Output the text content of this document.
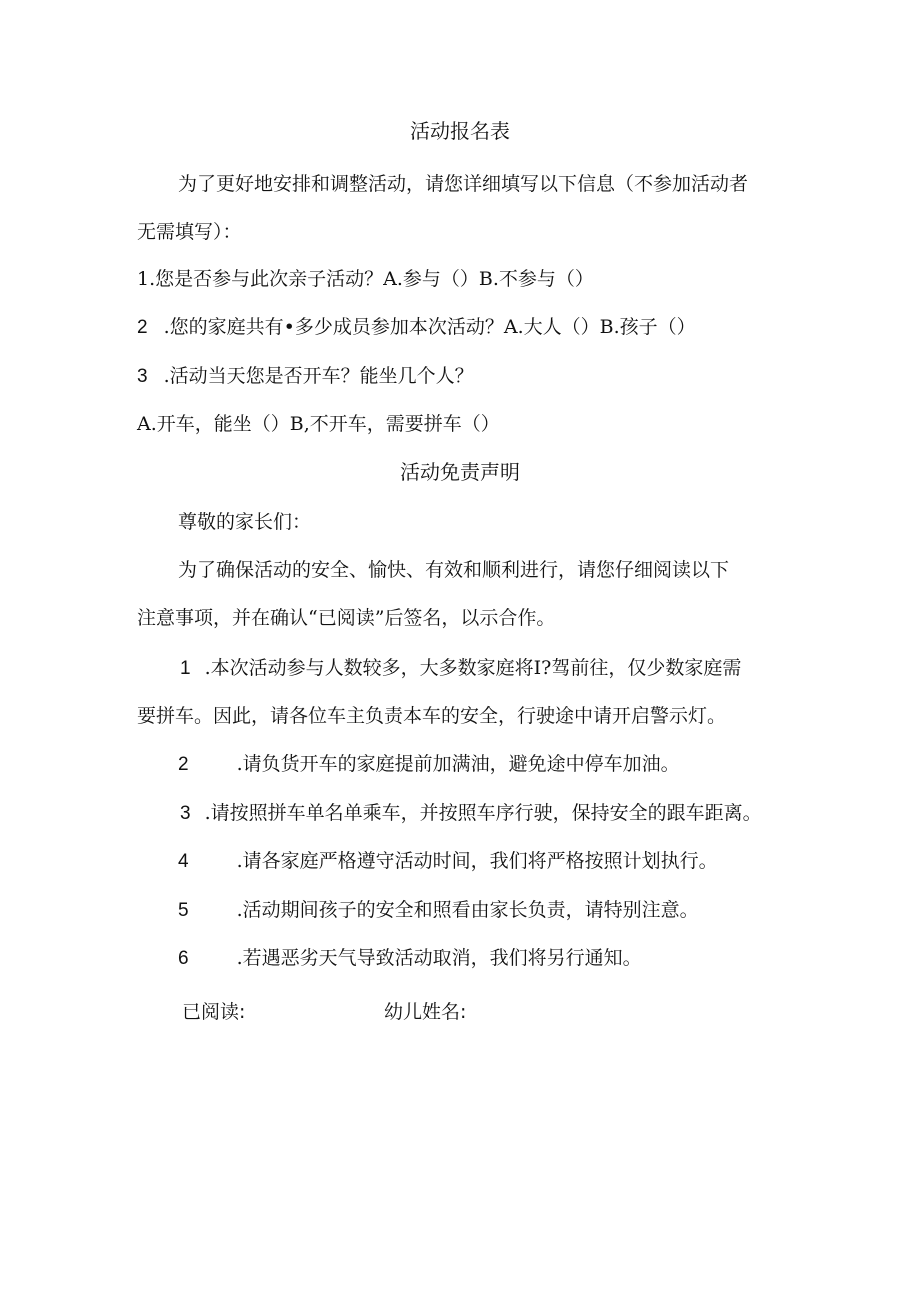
活动报名表
为了更好地安排和调整活动，请您详细填写以下信息（不参加活动者
无需填写）：
1.您是否参与此次亲子活动？A.参与（）B.不参与（）
2 .您的家庭共有•多少成员参加本次活动？A.大人（）B.孩子（）
3 .活动当天您是否开车？能坐几个人？
A.开车，能坐（）B,不开车，需要拼车（）
活动免责声明
尊敬的家长们：
为了确保活动的安全、愉快、有效和顺利进行，请您仔细阅读以下
注意事项，并在确认“已阅读”后签名，以示合作。
1 .本次活动参与人数较多，大多数家庭将I?驾前往，仅少数家庭需
要拼车。因此，请各位车主负责本车的安全，行驶途中请开启警示灯。
2	.请负货开车的家庭提前加满油，避免途中停车加油。
3 .请按照拼车单名单乘车，并按照车序行驶，保持安全的跟车距离。
4	.请各家庭严格遵守活动时间，我们将严格按照计划执行。
5	.活动期间孩子的安全和照看由家长负责，请特别注意。
6	.若遇恶劣天气导致活动取消，我们将另行通知。
已阅读:	幼儿姓名:
